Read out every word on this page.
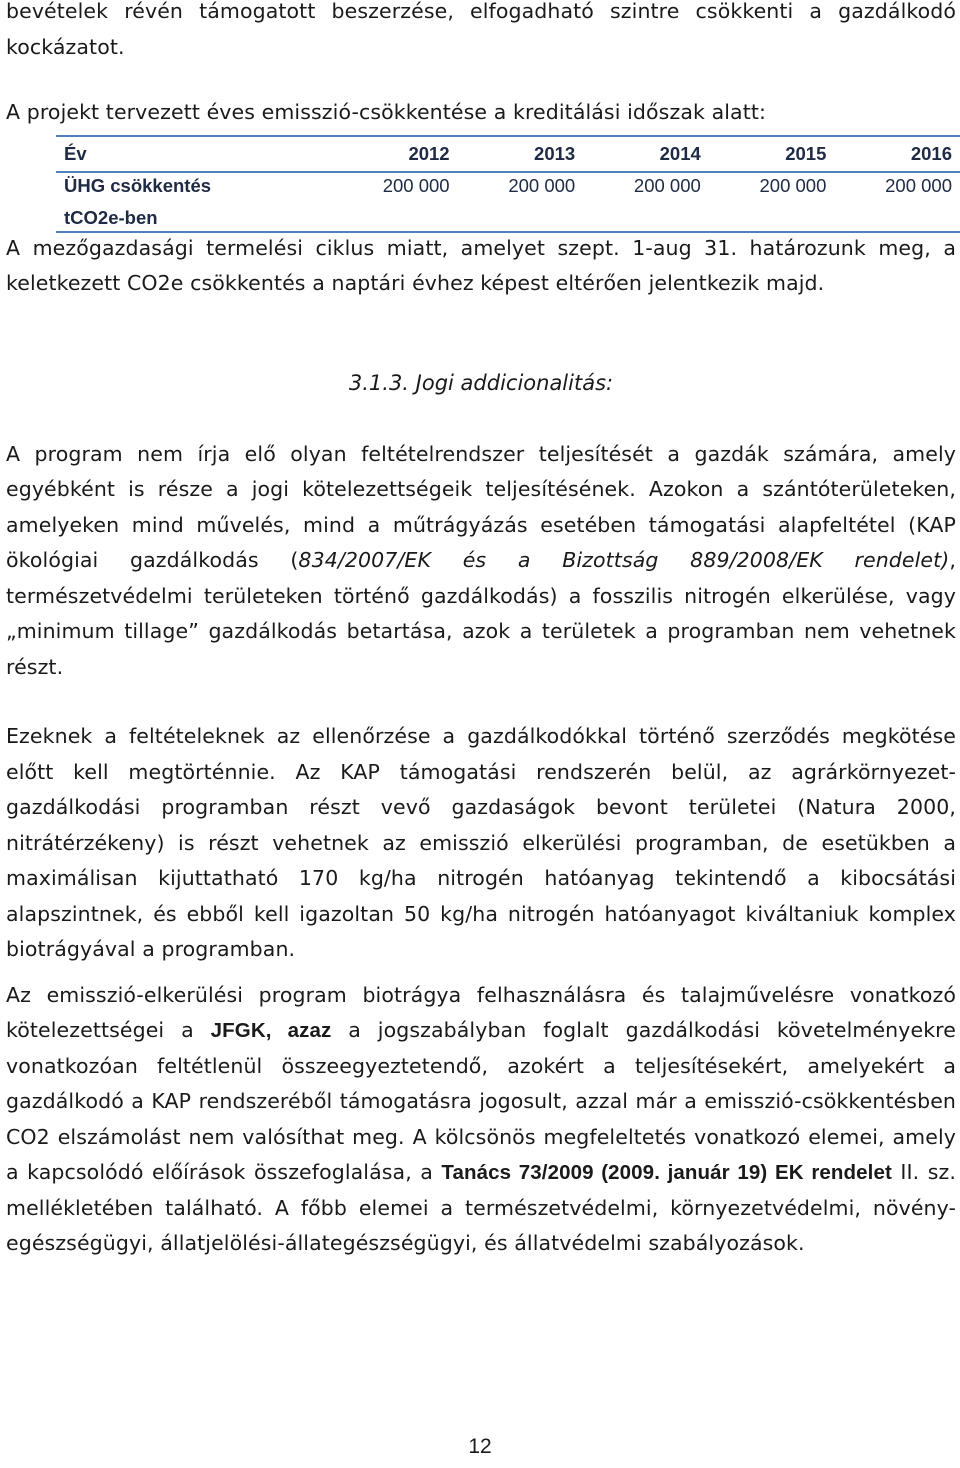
bevételek révén támogatott beszerzése, elfogadható szintre csökkenti a gazdálkodó kockázatot.

A projekt tervezett éves emisszió-csökkentése a kreditálási időszak alatt:

Év	2012	2013	2014	2015	2016
ÜHG csökkentés	200 000	200 000	200 000	200 000	200 000
tCO2e-ben					

A mezőgazdasági termelési ciklus miatt, amelyet szept. 1-aug 31. határozunk meg, a keletkezett CO2e csökkentés a naptári évhez képest eltérően jelentkezik majd.

3.1.3. Jogi addicionalitás:

A program nem írja elő olyan feltételrendszer teljesítését a gazdák számára, amely egyébként is része a jogi kötelezettségeik teljesítésének. Azokon a szántóterületeken, amelyeken mind művelés, mind a műtrágyázás esetében támogatási alapfeltétel (KAP ökológiai gazdálkodás (834/2007/EK és a Bizottság 889/2008/EK rendelet), természetvédelmi területeken történő gazdálkodás) a fosszilis nitrogén elkerülése, vagy „minimum tillage” gazdálkodás betartása, azok a területek a programban nem vehetnek részt.

Ezeknek a feltételeknek az ellenőrzése a gazdálkodókkal történő szerződés megkötése előtt kell megtörténnie. Az KAP támogatási rendszerén belül, az agrárkörnyezet-gazdálkodási programban részt vevő gazdaságok bevont területei (Natura 2000, nitrátérzékeny) is részt vehetnek az emisszió elkerülési programban, de esetükben a maximálisan kijuttatható 170 kg/ha nitrogén hatóanyag tekintendő a kibocsátási alapszintnek, és ebből kell igazoltan 50 kg/ha nitrogén hatóanyagot kiváltaniuk komplex biotrágyával a programban.

Az emisszió-elkerülési program biotrágya felhasználásra és talajművelésre vonatkozó kötelezettségei a JFGK, azaz a jogszabályban foglalt gazdálkodási követelményekre vonatkozóan feltétlenül összeegyeztetendő, azokért a teljesítésekért, amelyekért a gazdálkodó a KAP rendszeréből támogatásra jogosult, azzal már a emisszió-csökkentésben CO2 elszámolást nem valósíthat meg. A kölcsönös megfeleltetés vonatkozó elemei, amely a kapcsolódó előírások összefoglalása, a Tanács 73/2009 (2009. január 19) EK rendelet II. sz. mellékletében található. A főbb elemei a természetvédelmi, környezetvédelmi, növény-egészségügyi, állatjelölési-állategészségügyi, és állatvédelmi szabályozások.

12
